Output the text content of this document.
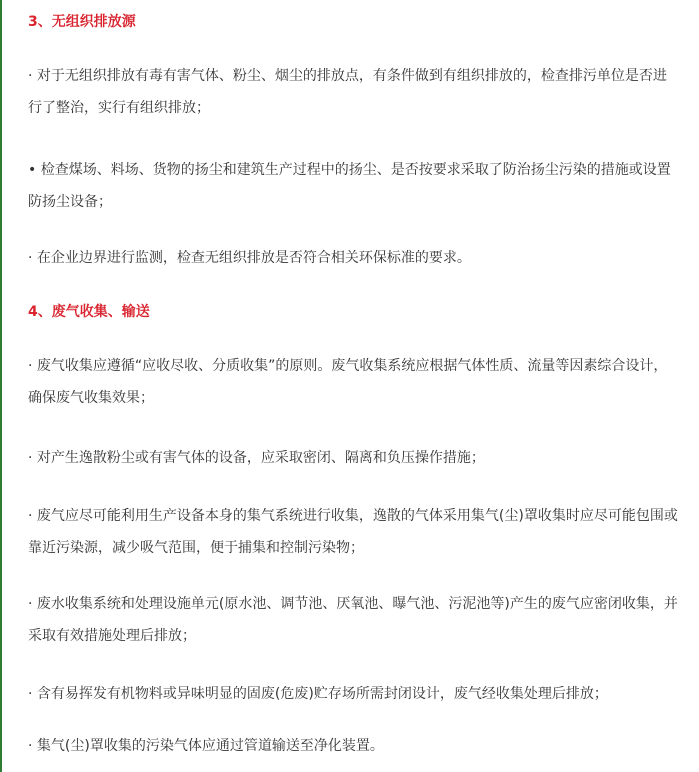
3、无组织排放源

· 对于无组织排放有毒有害气体、粉尘、烟尘的排放点，有条件做到有组织排放的，检查排污单位是否进行了整治，实行有组织排放；

• 检查煤场、料场、货物的扬尘和建筑生产过程中的扬尘、是否按要求采取了防治扬尘污染的措施或设置防扬尘设备；

· 在企业边界进行监测，检查无组织排放是否符合相关环保标准的要求。

4、废气收集、输送

· 废气收集应遵循“应收尽收、分质收集”的原则。废气收集系统应根据气体性质、流量等因素综合设计，确保废气收集效果；

· 对产生逸散粉尘或有害气体的设备，应采取密闭、隔离和负压操作措施；

· 废气应尽可能利用生产设备本身的集气系统进行收集，逸散的气体采用集气(尘)罩收集时应尽可能包围或靠近污染源，减少吸气范围，便于捕集和控制污染物；

· 废水收集系统和处理设施单元(原水池、调节池、厌氧池、曝气池、污泥池等)产生的废气应密闭收集，并采取有效措施处理后排放；

· 含有易挥发有机物料或异味明显的固废(危废)贮存场所需封闭设计，废气经收集处理后排放；

· 集气(尘)罩收集的污染气体应通过管道输送至净化装置。
